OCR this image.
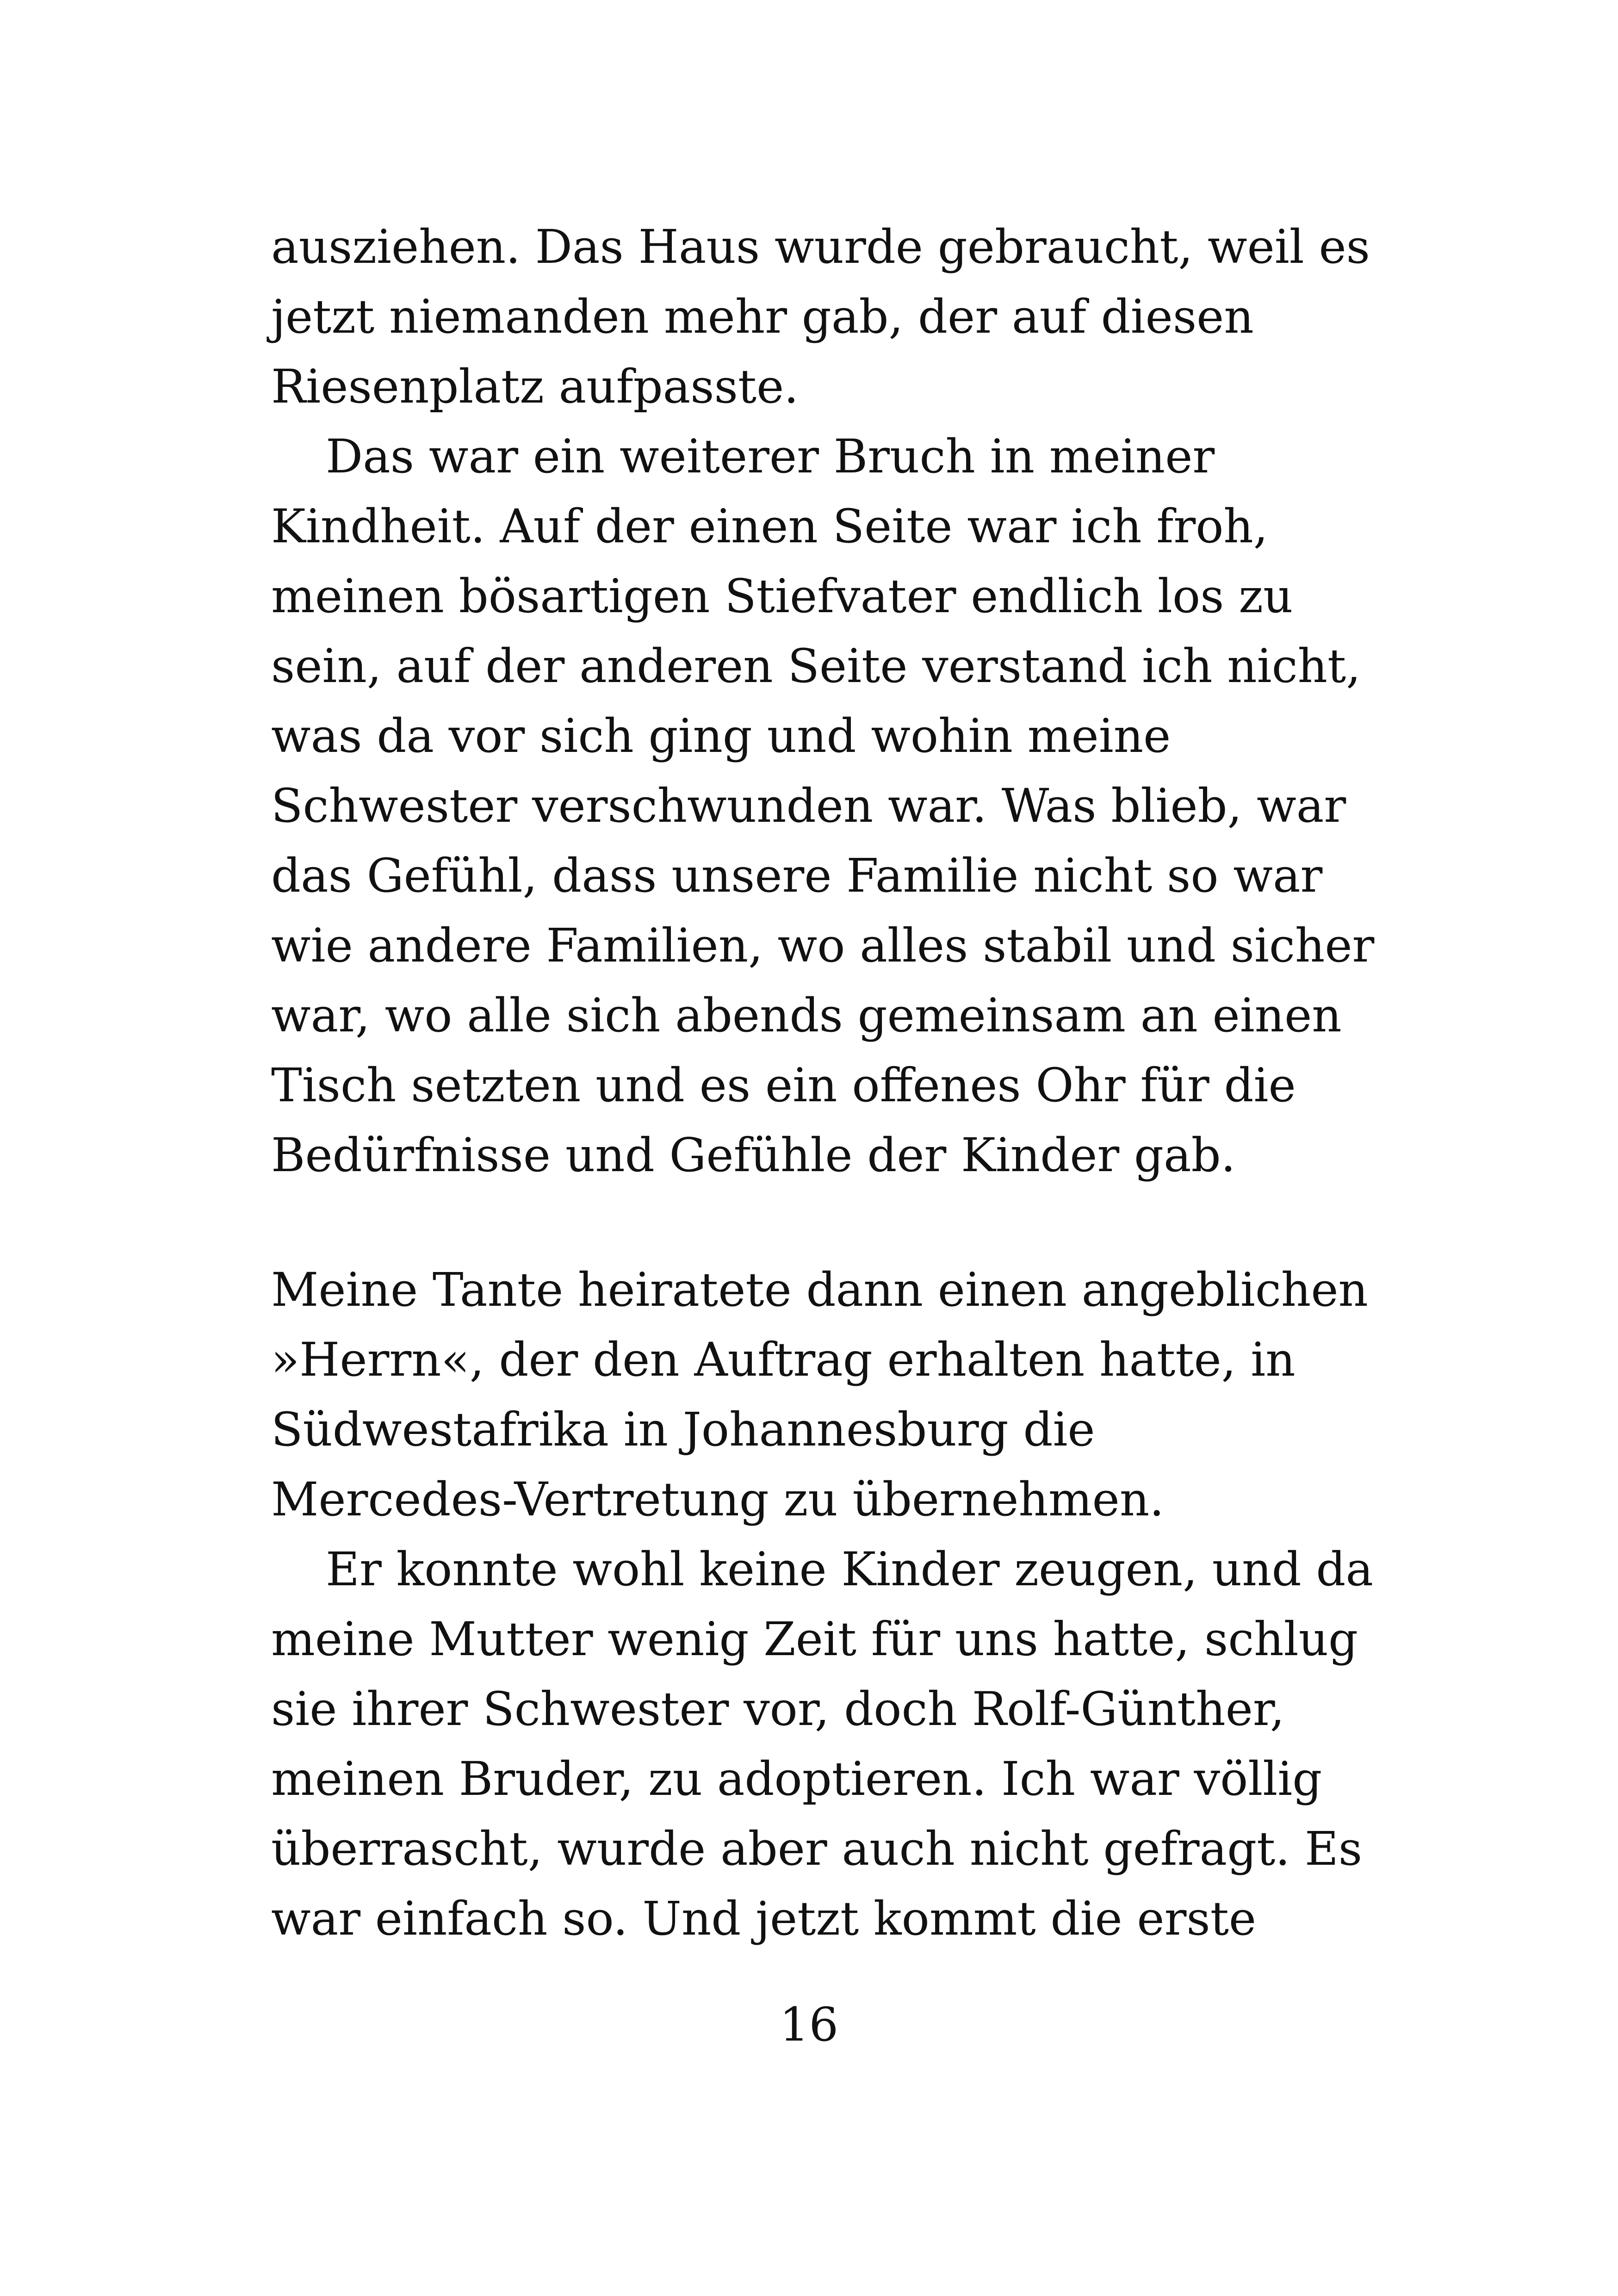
ausziehen. Das Haus wurde gebraucht, weil es
jetzt niemanden mehr gab, der auf diesen
Riesenplatz aufpasste.
Das war ein weiterer Bruch in meiner
Kindheit. Auf der einen Seite war ich froh,
meinen bösartigen Stiefvater endlich los zu
sein, auf der anderen Seite verstand ich nicht,
was da vor sich ging und wohin meine
Schwester verschwunden war. Was blieb, war
das Gefühl, dass unsere Familie nicht so war
wie andere Familien, wo alles stabil und sicher
war, wo alle sich abends gemeinsam an einen
Tisch setzten und es ein offenes Ohr für die
Bedürfnisse und Gefühle der Kinder gab.
Meine Tante heiratete dann einen angeblichen
»Herrn«, der den Auftrag erhalten hatte, in
Südwestafrika in Johannesburg die
Mercedes-Vertretung zu übernehmen.
Er konnte wohl keine Kinder zeugen, und da
meine Mutter wenig Zeit für uns hatte, schlug
sie ihrer Schwester vor, doch Rolf-Günther,
meinen Bruder, zu adoptieren. Ich war völlig
überrascht, wurde aber auch nicht gefragt. Es
war einfach so. Und jetzt kommt die erste
16
